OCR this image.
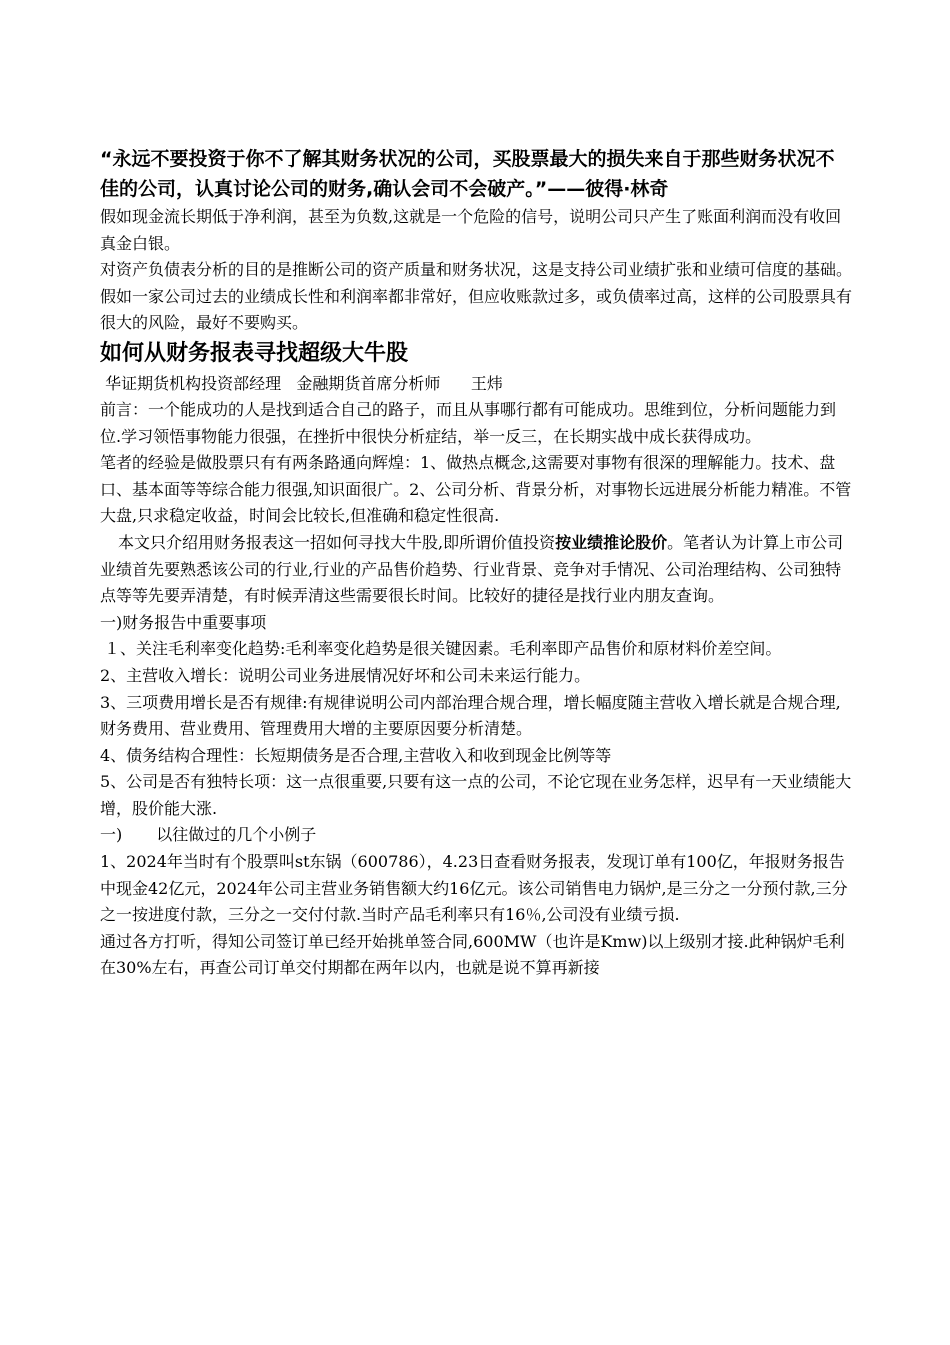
“永远不要投资于你不了解其财务状况的公司，买股票最大的损失来自于那些财务状况不佳的公司，认真讨论公司的财务,确认会司不会破产。”——彼得·林奇

假如现金流长期低于净利润，甚至为负数,这就是一个危险的信号，说明公司只产生了账面利润而没有收回真金白银。

对资产负债表分析的目的是推断公司的资产质量和财务状况，这是支持公司业绩扩张和业绩可信度的基础。假如一家公司过去的业绩成长性和利润率都非常好，但应收账款过多，或负债率过高，这样的公司股票具有很大的风险，最好不要购买。

如何从财务报表寻找超级大牛股

华证期货机构投资部经理   金融期货首席分析师      王炜

前言：一个能成功的人是找到适合自己的路子，而且从事哪行都有可能成功。思维到位，分析问题能力到位.学习领悟事物能力很强，在挫折中很快分析症结，举一反三，在长期实战中成长获得成功。

笔者的经验是做股票只有有两条路通向辉煌：1、做热点概念,这需要对事物有很深的理解能力。技术、盘口、基本面等等综合能力很强,知识面很广。2、公司分析、背景分析，对事物长远进展分析能力精准。不管大盘,只求稳定收益，时间会比较长,但准确和稳定性很高.

本文只介绍用财务报表这一招如何寻找大牛股,即所谓价值投资按业绩推论股价。笔者认为计算上市公司业绩首先要熟悉该公司的行业,行业的产品售价趋势、行业背景、竞争对手情况、公司治理结构、公司独特点等等先要弄清楚，有时候弄清这些需要很长时间。比较好的捷径是找行业内朋友查询。

一)财务报告中重要事项

１、关注毛利率变化趋势:毛利率变化趋势是很关键因素。毛利率即产品售价和原材料价差空间。

2、主营收入增长：说明公司业务进展情况好坏和公司未来运行能力。

3、三项费用增长是否有规律:有规律说明公司内部治理合规合理，增长幅度随主营收入增长就是合规合理,财务费用、营业费用、管理费用大增的主要原因要分析清楚。

4、债务结构合理性：长短期债务是否合理,主营收入和收到现金比例等等

5、公司是否有独特长项：这一点很重要,只要有这一点的公司，不论它现在业务怎样，迟早有一天业绩能大增，股价能大涨.

一) 以往做过的几个小例子

1、2024年当时有个股票叫st东锅（600786），4.23日查看财务报表，发现订单有100亿，年报财务报告中现金42亿元，2024年公司主营业务销售额大约16亿元。该公司销售电力锅炉,是三分之一分预付款,三分之一按进度付款，三分之一交付付款.当时产品毛利率只有16％,公司没有业绩亏损.

通过各方打听，得知公司签订单已经开始挑单签合同,600MW（也许是Kmw)以上级别才接.此种锅炉毛利在30%左右，再查公司订单交付期都在两年以内，也就是说不算再新接
